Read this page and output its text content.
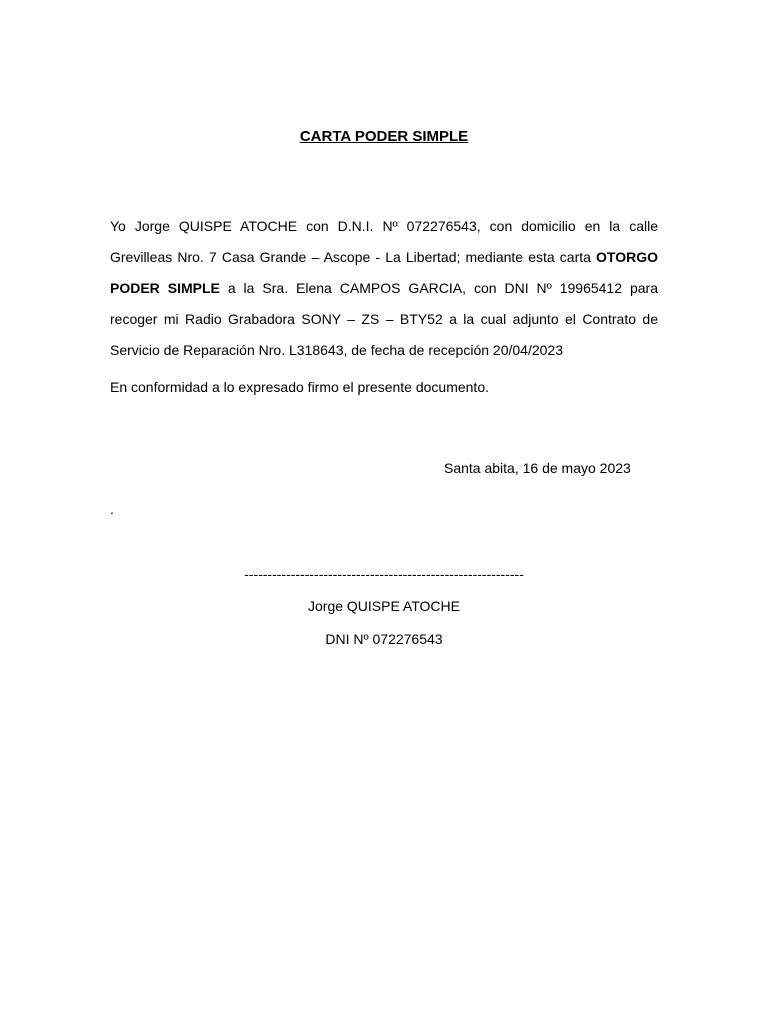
CARTA PODER SIMPLE

Yo Jorge QUISPE ATOCHE con D.N.I. Nº 072276543, con domicilio en la calle Grevilleas Nro. 7 Casa Grande – Ascope - La Libertad; mediante esta carta OTORGO PODER SIMPLE a la Sra. Elena CAMPOS GARCIA, con DNI Nº 19965412 para recoger mi Radio Grabadora SONY – ZS – BTY52 a la cual adjunto el Contrato de Servicio de Reparación Nro. L318643, de fecha de recepción 20/04/2023

En conformidad a lo expresado firmo el presente documento.

Santa abita, 16 de mayo 2023

.

------------------------------------------------------------

Jorge QUISPE ATOCHE

DNI Nº 072276543
